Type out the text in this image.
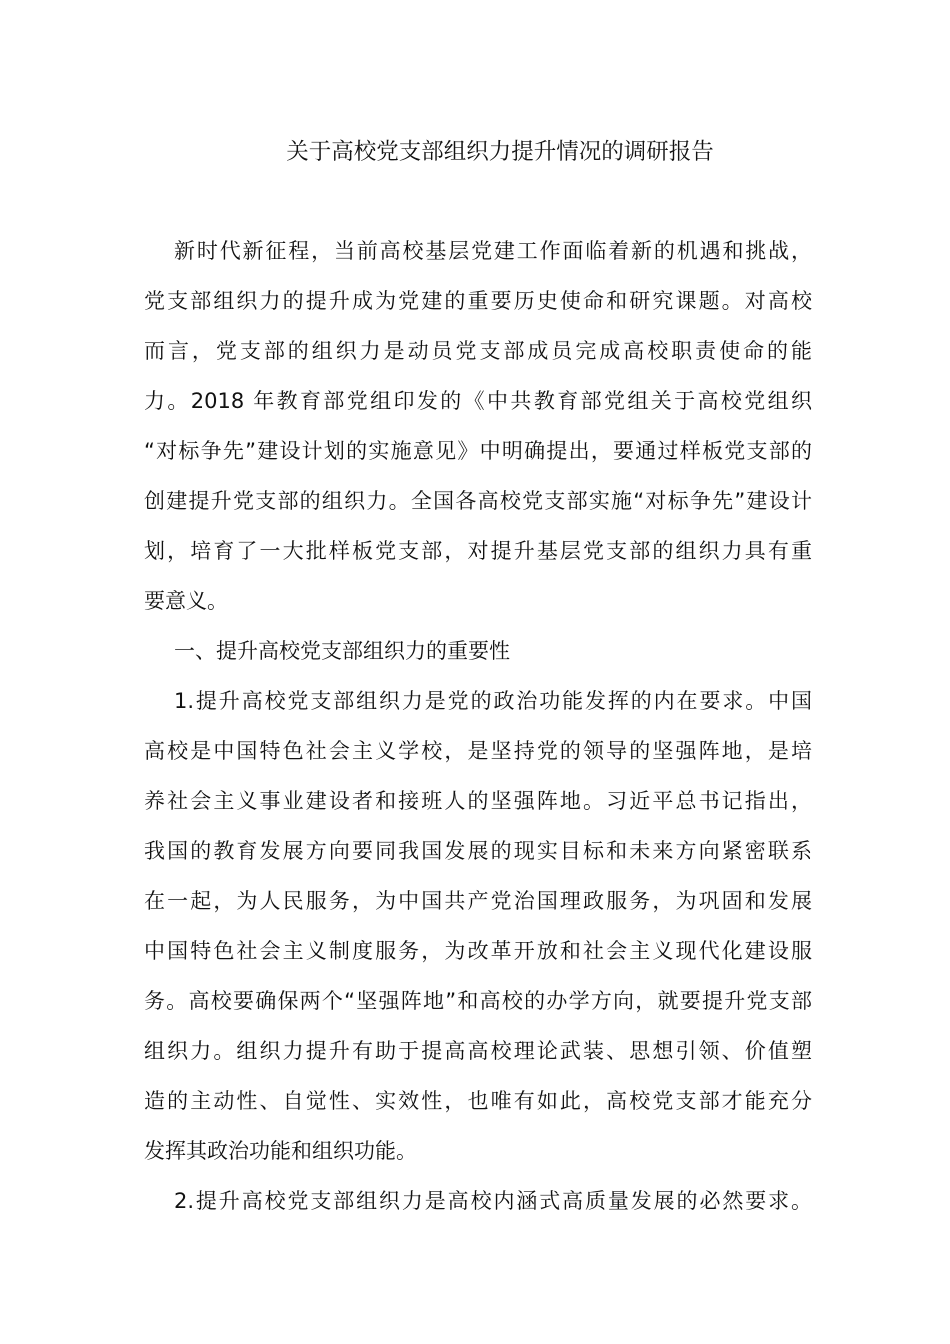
关于高校党支部组织力提升情况的调研报告
新时代新征程，当前高校基层党建工作面临着新的机遇和挑战，
党支部组织力的提升成为党建的重要历史使命和研究课题。对高校
而言，党支部的组织力是动员党支部成员完成高校职责使命的能
力。2018 年教育部党组印发的《中共教育部党组关于高校党组织
“对标争先”建设计划的实施意见》中明确提出，要通过样板党支部的
创建提升党支部的组织力。全国各高校党支部实施“对标争先”建设计
划，培育了一大批样板党支部，对提升基层党支部的组织力具有重
要意义。
一、提升高校党支部组织力的重要性
1.提升高校党支部组织力是党的政治功能发挥的内在要求。中国
高校是中国特色社会主义学校，是坚持党的领导的坚强阵地，是培
养社会主义事业建设者和接班人的坚强阵地。习近平总书记指出，
我国的教育发展方向要同我国发展的现实目标和未来方向紧密联系
在一起，为人民服务，为中国共产党治国理政服务，为巩固和发展
中国特色社会主义制度服务，为改革开放和社会主义现代化建设服
务。高校要确保两个“坚强阵地”和高校的办学方向，就要提升党支部
组织力。组织力提升有助于提高高校理论武装、思想引领、价值塑
造的主动性、自觉性、实效性，也唯有如此，高校党支部才能充分
发挥其政治功能和组织功能。
2.提升高校党支部组织力是高校内涵式高质量发展的必然要求。
